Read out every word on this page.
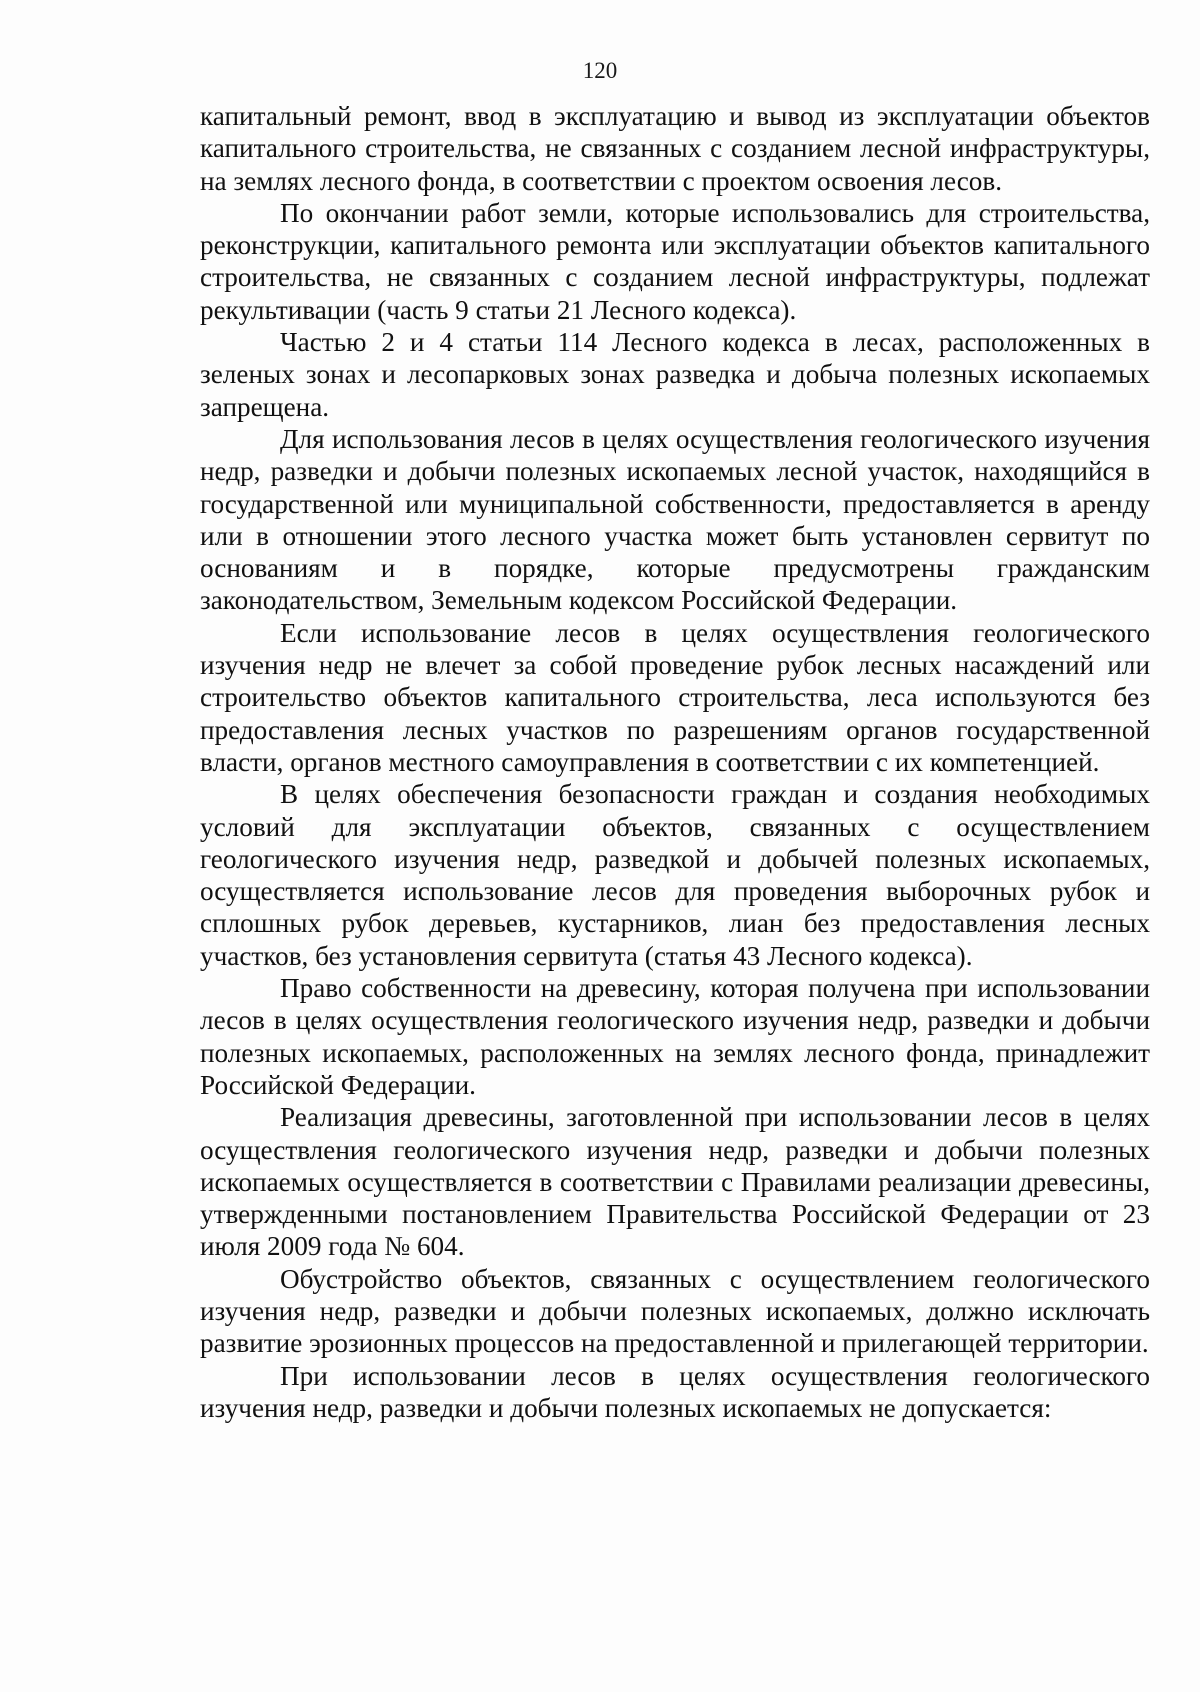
120

капитальный ремонт, ввод в эксплуатацию и вывод из эксплуатации объектов капитального строительства, не связанных с созданием лесной инфраструктуры, на землях лесного фонда, в соответствии с проектом освоения лесов.

По окончании работ земли, которые использовались для строительства, реконструкции, капитального ремонта или эксплуатации объектов капитального строительства, не связанных с созданием лесной инфраструктуры, подлежат рекультивации (часть 9 статьи 21 Лесного кодекса).

Частью 2 и 4 статьи 114 Лесного кодекса в лесах, расположенных в зеленых зонах и лесопарковых зонах разведка и добыча полезных ископаемых запрещена.

Для использования лесов в целях осуществления геологического изучения недр, разведки и добычи полезных ископаемых лесной участок, находящийся в государственной или муниципальной собственности, предоставляется в аренду или в отношении этого лесного участка может быть установлен сервитут по основаниям и в порядке, которые предусмотрены гражданским законодательством, Земельным кодексом Российской Федерации.

Если использование лесов в целях осуществления геологического изучения недр не влечет за собой проведение рубок лесных насаждений или строительство объектов капитального строительства, леса используются без предоставления лесных участков по разрешениям органов государственной власти, органов местного самоуправления в соответствии с их компетенцией.

В целях обеспечения безопасности граждан и создания необходимых условий для эксплуатации объектов, связанных с осуществлением геологического изучения недр, разведкой и добычей полезных ископаемых, осуществляется использование лесов для проведения выборочных рубок и сплошных рубок деревьев, кустарников, лиан без предоставления лесных участков, без установления сервитута (статья 43 Лесного кодекса).

Право собственности на древесину, которая получена при использовании лесов в целях осуществления геологического изучения недр, разведки и добычи полезных ископаемых, расположенных на землях лесного фонда, принадлежит Российской Федерации.

Реализация древесины, заготовленной при использовании лесов в целях осуществления геологического изучения недр, разведки и добычи полезных ископаемых осуществляется в соответствии с Правилами реализации древесины, утвержденными постановлением Правительства Российской Федерации от 23 июля 2009 года № 604.

Обустройство объектов, связанных с осуществлением геологического изучения недр, разведки и добычи полезных ископаемых, должно исключать развитие эрозионных процессов на предоставленной и прилегающей территории.

При использовании лесов в целях осуществления геологического изучения недр, разведки и добычи полезных ископаемых не допускается:
